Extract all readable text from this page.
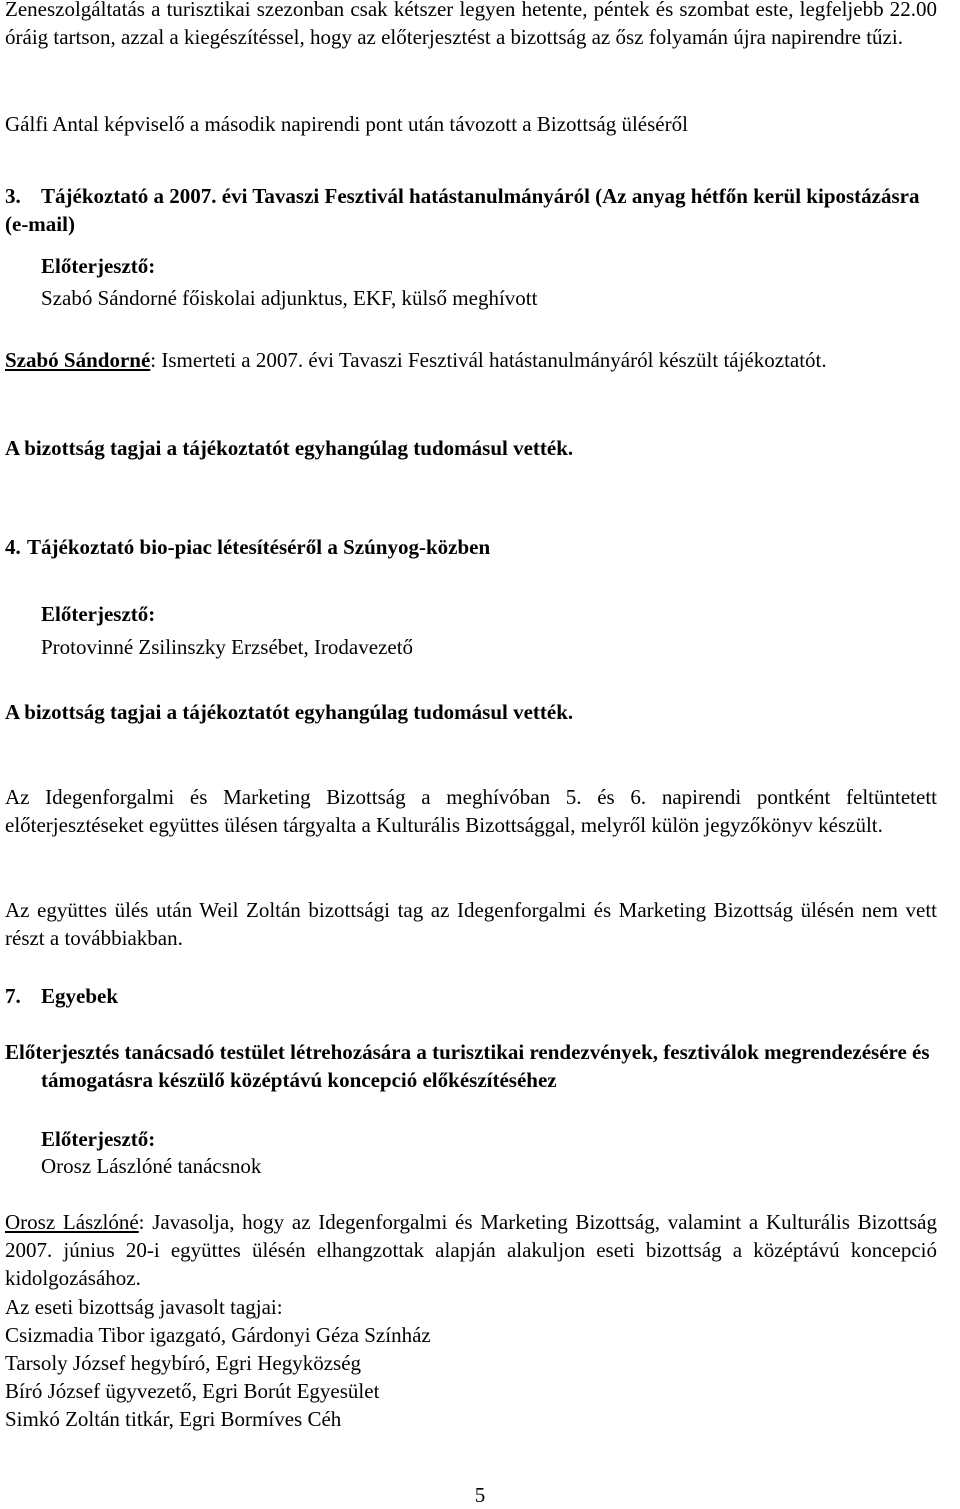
Zeneszolgáltatás a turisztikai szezonban csak kétszer legyen hetente, péntek és szombat este, legfeljebb 22.00 óráig tartson, azzal a kiegészítéssel, hogy az előterjesztést a bizottság az ősz folyamán újra napirendre tűzi.

Gálfi Antal képviselő a második napirendi pont után távozott a Bizottság üléséről

3. Tájékoztató a 2007. évi Tavaszi Fesztivál hatástanulmányáról (Az anyag hétfőn kerül kipostázásra (e-mail)

Előterjesztő:

Szabó Sándorné főiskolai adjunktus, EKF, külső meghívott

Szabó Sándorné: Ismerteti a 2007. évi Tavaszi Fesztivál hatástanulmányáról készült tájékoztatót.

A bizottság tagjai a tájékoztatót egyhangúlag tudomásul vették.

4. Tájékoztató bio-piac létesítéséről a Szúnyog-közben

Előterjesztő:

Protovinné Zsilinszky Erzsébet, Irodavezető

A bizottság tagjai a tájékoztatót egyhangúlag tudomásul vették.

Az Idegenforgalmi és Marketing Bizottság a meghívóban 5. és 6. napirendi pontként feltüntetett előterjesztéseket együttes ülésen tárgyalta a Kulturális Bizottsággal, melyről külön jegyzőkönyv készült.

Az együttes ülés után Weil Zoltán bizottsági tag az Idegenforgalmi és Marketing Bizottság ülésén nem vett részt a továbbiakban.

7. Egyebek

Előterjesztés tanácsadó testület létrehozására a turisztikai rendezvények, fesztiválok megrendezésére és támogatásra készülő középtávú koncepció előkészítéséhez

Előterjesztő:

Orosz Lászlóné tanácsnok

Orosz Lászlóné: Javasolja, hogy az Idegenforgalmi és Marketing Bizottság, valamint a Kulturális Bizottság 2007. június 20-i együttes ülésén elhangzottak alapján alakuljon eseti bizottság a középtávú koncepció kidolgozásához.

Az eseti bizottság javasolt tagjai:

Csizmadia Tibor igazgató, Gárdonyi Géza Színház

Tarsoly József hegybíró, Egri Hegyközség

Bíró József ügyvezető, Egri Borút Egyesület

Simkó Zoltán titkár, Egri Bormíves Céh

5
